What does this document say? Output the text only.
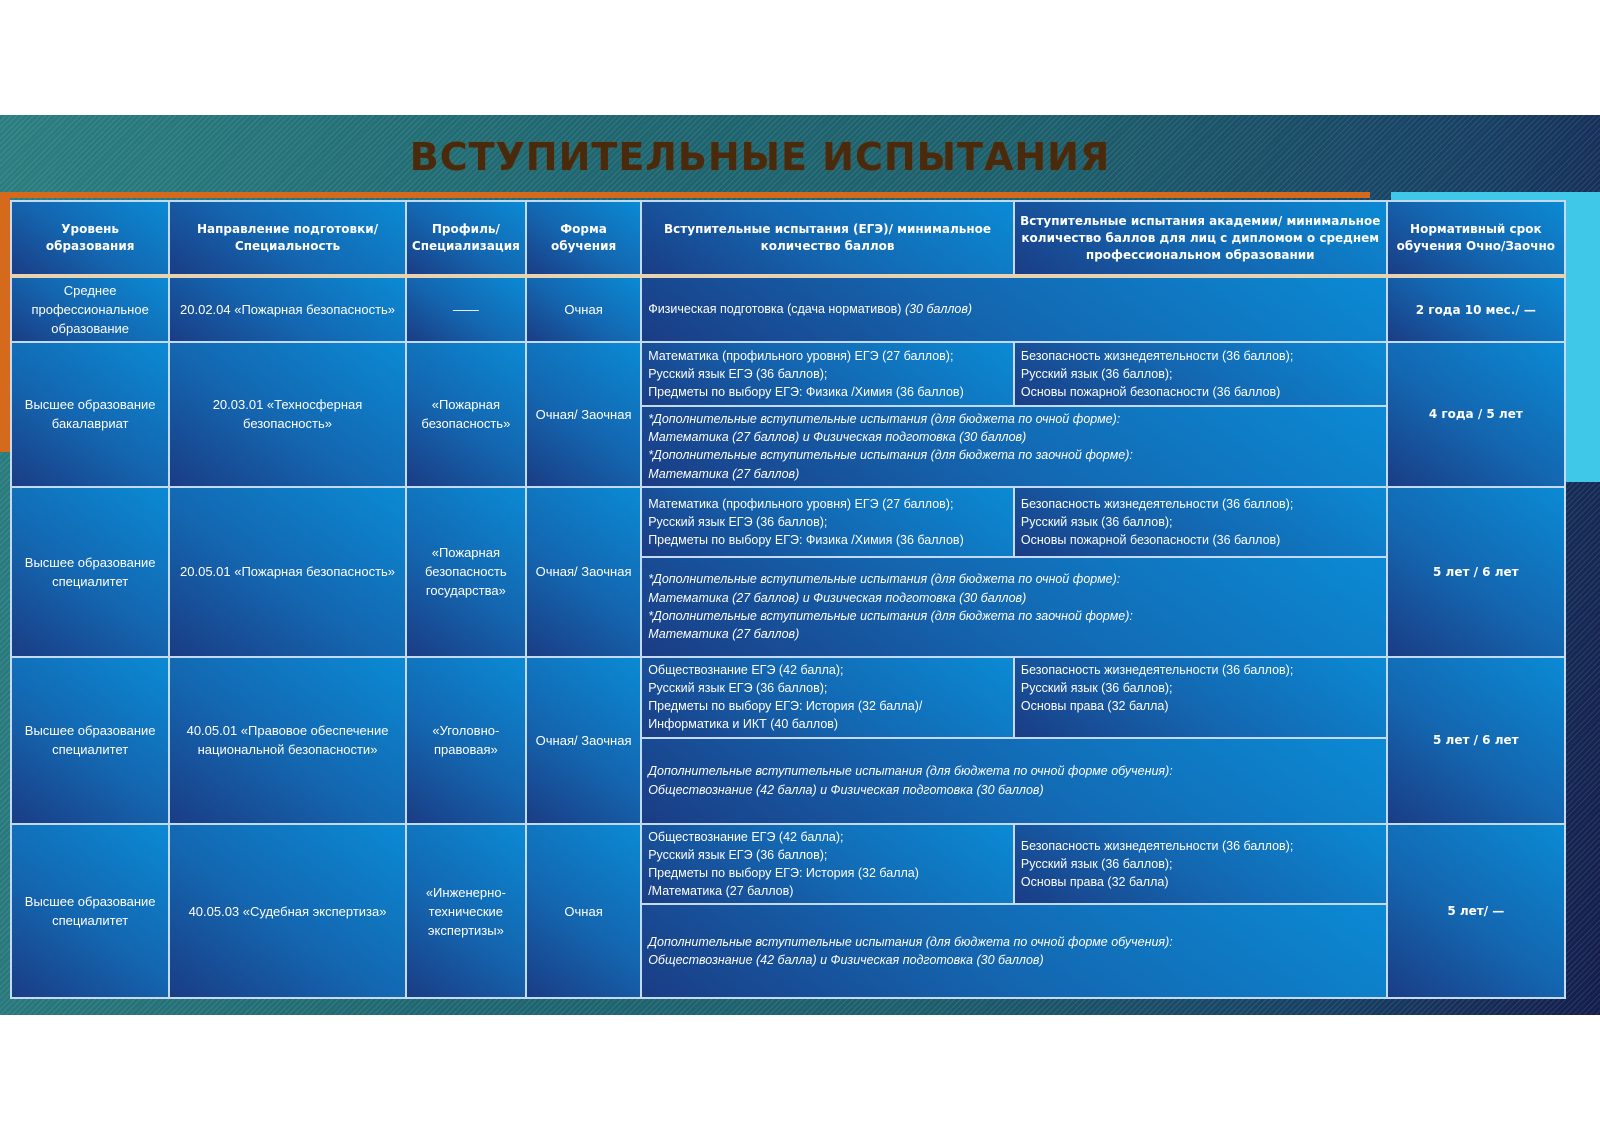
ВСТУПИТЕЛЬНЫЕ ИСПЫТАНИЯ
Уровень образования	Направление подготовки/ Специальность	Профиль/ Специализация	Форма обучения	Вступительные испытания (ЕГЭ)/ минимальное количество баллов	Вступительные испытания академии/ минимальное количество баллов для лиц с дипломом о среднем профессиональном образовании	Нормативный срок обучения Очно/Заочно
Среднее профессиональное образование	20.02.04 «Пожарная безопасность»	——	Очная	Физическая подготовка (сдача нормативов) (30 баллов)		2 года 10 мес./ —
Высшее образование бакалавриат	20.03.01 «Техносферная безопасность»	«Пожарная безопасность»	Очная/ Заочная	Математика (профильного уровня) ЕГЭ (27 баллов);
Русский язык ЕГЭ (36 баллов);
Предметы по выбору ЕГЭ: Физика /Химия (36 баллов)	Безопасность жизнедеятельности (36 баллов);
Русский язык (36 баллов);
Основы пожарной безопасности (36 баллов)	4 года / 5 лет

				*Дополнительные вступительные испытания (для бюджета по очной форме):
Математика (27 баллов) и Физическая подготовка (30 баллов)
*Дополнительные вступительные испытания (для бюджета по заочной форме):
Математика (27 баллов)		

Высшее образование специалитет	20.05.01 «Пожарная безопасность»	«Пожарная безопасность государства»	Очная/ Заочная	Математика (профильного уровня) ЕГЭ (27 баллов);
Русский язык ЕГЭ (36 баллов);
Предметы по выбору ЕГЭ: Физика /Химия (36 баллов)	Безопасность жизнедеятельности (36 баллов);
Русский язык (36 баллов);
Основы пожарной безопасности (36 баллов)	5 лет / 6 лет

				*Дополнительные вступительные испытания (для бюджета по очной форме):
Математика (27 баллов) и Физическая подготовка (30 баллов)
*Дополнительные вступительные испытания (для бюджета по заочной форме):
Математика (27 баллов)		

Высшее образование специалитет	40.05.01 «Правовое обеспечение национальной безопасности»	«Уголовно-правовая»	Очная/ Заочная	Обществознание ЕГЭ (42 балла);
Русский язык ЕГЭ (36 баллов);
Предметы по выбору ЕГЭ: История (32 балла)/
Информатика и ИКТ (40 баллов)	Безопасность жизнедеятельности (36 баллов);
Русский язык (36 баллов);
Основы права (32 балла)	5 лет / 6 лет

				Дополнительные вступительные испытания (для бюджета по очной форме обучения):
Обществознание (42 балла) и Физическая подготовка (30 баллов)		

Высшее образование специалитет	40.05.03 «Судебная экспертиза»	«Инженерно-технические экспертизы»	Очная	Обществознание ЕГЭ (42 балла);
Русский язык ЕГЭ (36 баллов);
Предметы по выбору ЕГЭ: История (32 балла)
/Математика (27 баллов)	Безопасность жизнедеятельности (36 баллов);
Русский язык (36 баллов);
Основы права (32 балла)	5 лет/ —

				Дополнительные вступительные испытания (для бюджета по очной форме обучения):
Обществознание (42 балла) и Физическая подготовка (30 баллов)		
